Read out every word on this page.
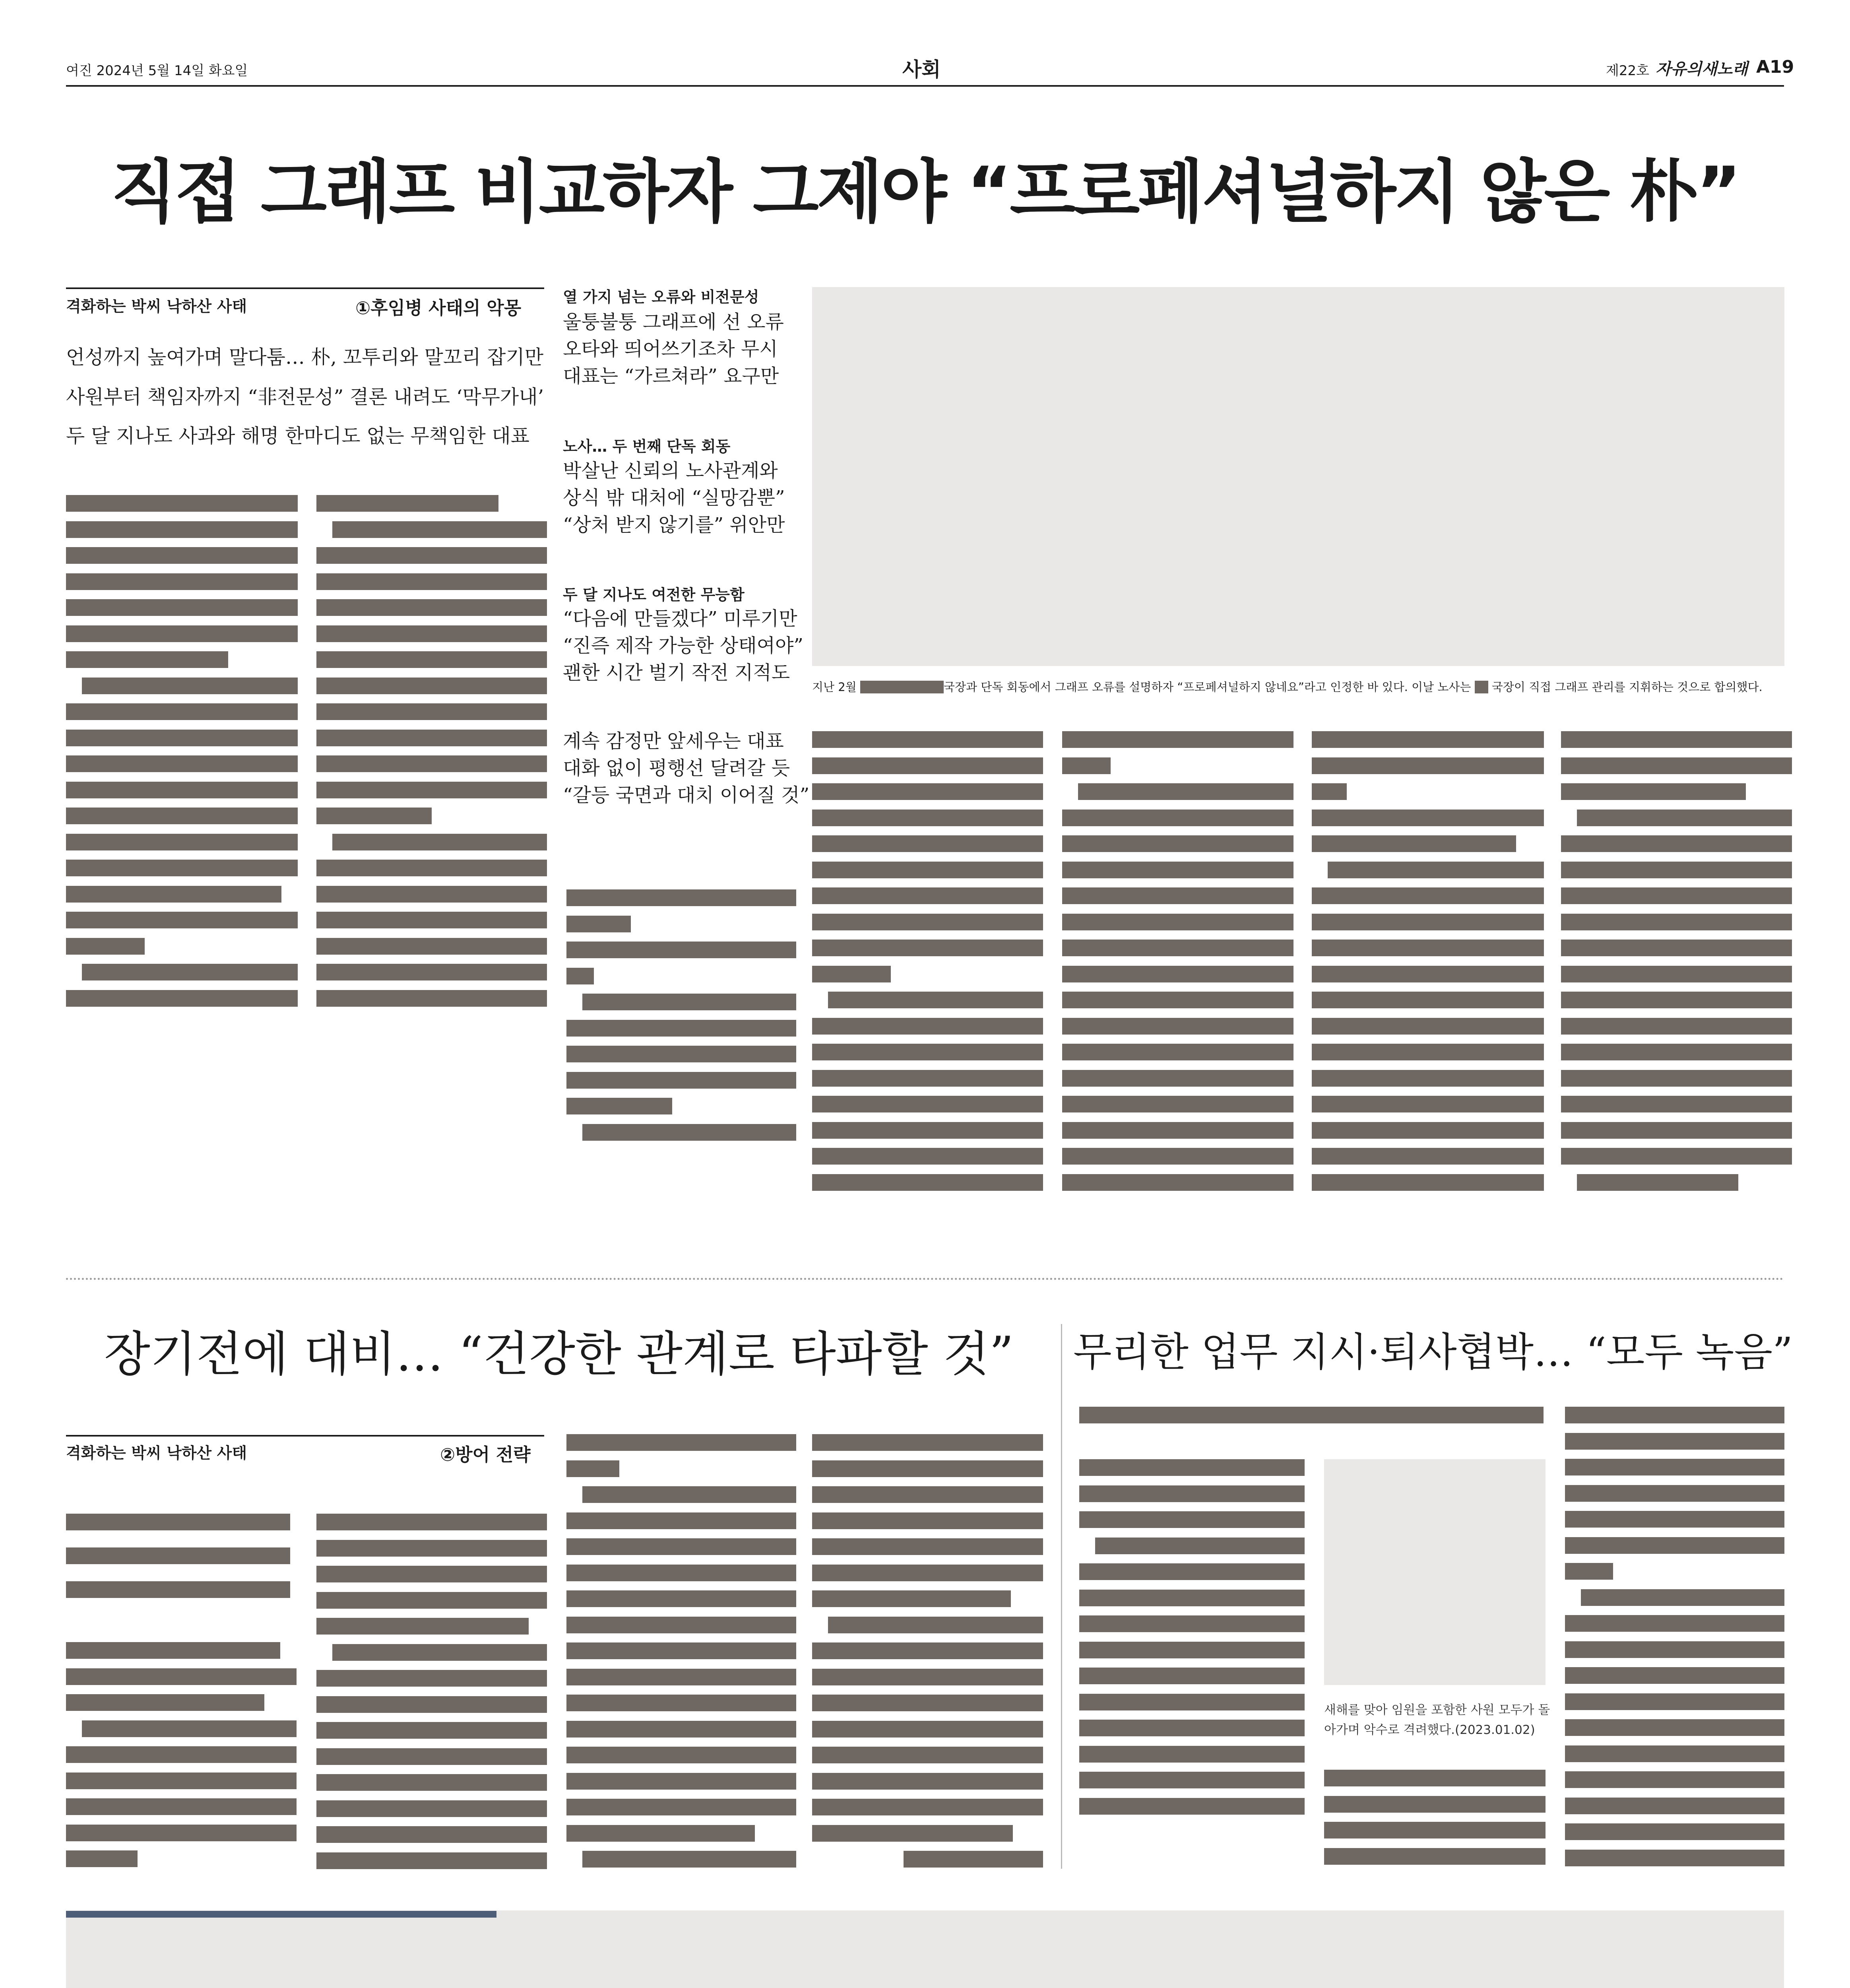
여진 2024년 5월 14일 화요일	사회	제22호 자유의새노래 A19
직접 그래프 비교하자 그제야 “프로페셔널하지 않은 朴”
격화하는 박씨 낙하산 사태	①후임병 사태의 악몽
언성까지 높여가며 말다툼… 朴, 꼬투리와 말꼬리 잡기만
사원부터 책임자까지 “非전문성” 결론 내려도 ‘막무가내’
두 달 지나도 사과와 해명 한마디도 없는 무책임한 대표
열 가지 넘는 오류와 비전문성
울퉁불퉁 그래프에 선 오류
오타와 띄어쓰기조차 무시
대표는 “가르쳐라” 요구만
노사… 두 번째 단독 회동
박살난 신뢰의 노사관계와
상식 밖 대처에 “실망감뿐”
“상처 받지 않기를” 위안만
두 달 지나도 여전한 무능함
“다음에 만들겠다” 미루기만
“진즉 제작 가능한 상태여야”
괜한 시간 벌기 작전 지적도
계속 감정만 앞세우는 대표
대화 없이 평행선 달려갈 듯
“갈등 국면과 대치 이어질 것”
지난 2월	국장과 단독 회동에서 그래프 오류를 설명하자 “프로페셔널하지 않네요”라고 인정한 바 있다. 이날 노사는 국장이 직접 그래프 관리를 지휘하는 것으로 합의했다.
장기전에 대비… “건강한 관계로 타파할 것”
격화하는 박씨 낙하산 사태	②방어 전략
무리한 업무 지시·퇴사협박… “모두 녹음”
새해를 맞아 임원을 포함한 사원 모두가 돌
아가며 악수로 격려했다.(2023.01.02)
